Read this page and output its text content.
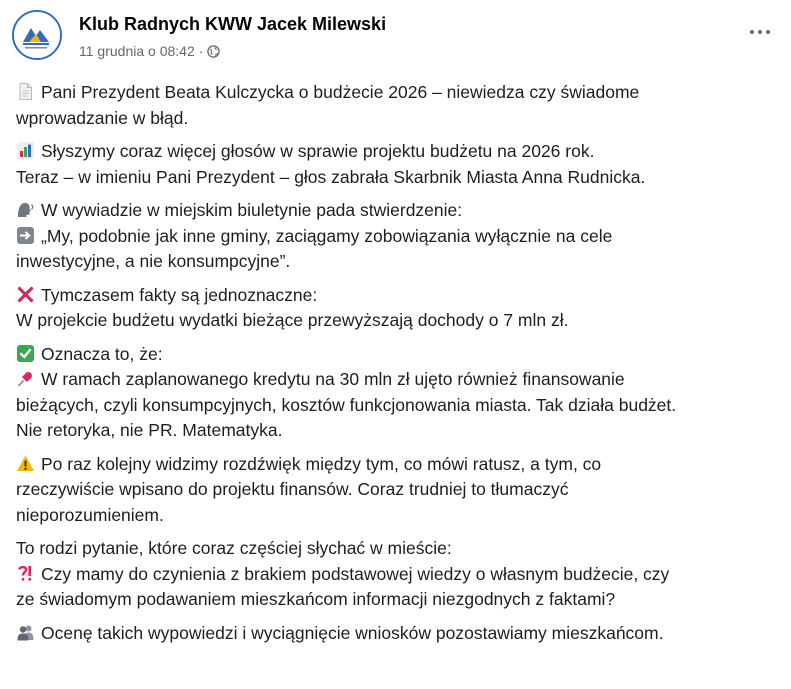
Klub Radnych KWW Jacek Milewski
11 grudnia o 08:42 ·
Pani Prezydent Beata Kulczycka o budżecie 2026 – niewiedza czy świadome
wprowadzanie w błąd.
Słyszymy coraz więcej głosów w sprawie projektu budżetu na 2026 rok.
Teraz – w imieniu Pani Prezydent – głos zabrała Skarbnik Miasta Anna Rudnicka.
W wywiadzie w miejskim biuletynie pada stwierdzenie:
„My, podobnie jak inne gminy, zaciągamy zobowiązania wyłącznie na cele
inwestycyjne, a nie konsumpcyjne”.
Tymczasem fakty są jednoznaczne:
W projekcie budżetu wydatki bieżące przewyższają dochody o 7 mln zł.
Oznacza to, że:
W ramach zaplanowanego kredytu na 30 mln zł ujęto również finansowanie
bieżących, czyli konsumpcyjnych, kosztów funkcjonowania miasta. Tak działa budżet.
Nie retoryka, nie PR. Matematyka.
Po raz kolejny widzimy rozdźwięk między tym, co mówi ratusz, a tym, co
rzeczywiście wpisano do projektu finansów. Coraz trudniej to tłumaczyć
nieporozumieniem.
To rodzi pytanie, które coraz częściej słychać w mieście:
Czy mamy do czynienia z brakiem podstawowej wiedzy o własnym budżecie, czy
ze świadomym podawaniem mieszkańcom informacji niezgodnych z faktami?
Ocenę takich wypowiedzi i wyciągnięcie wniosków pozostawiamy mieszkańcom.
